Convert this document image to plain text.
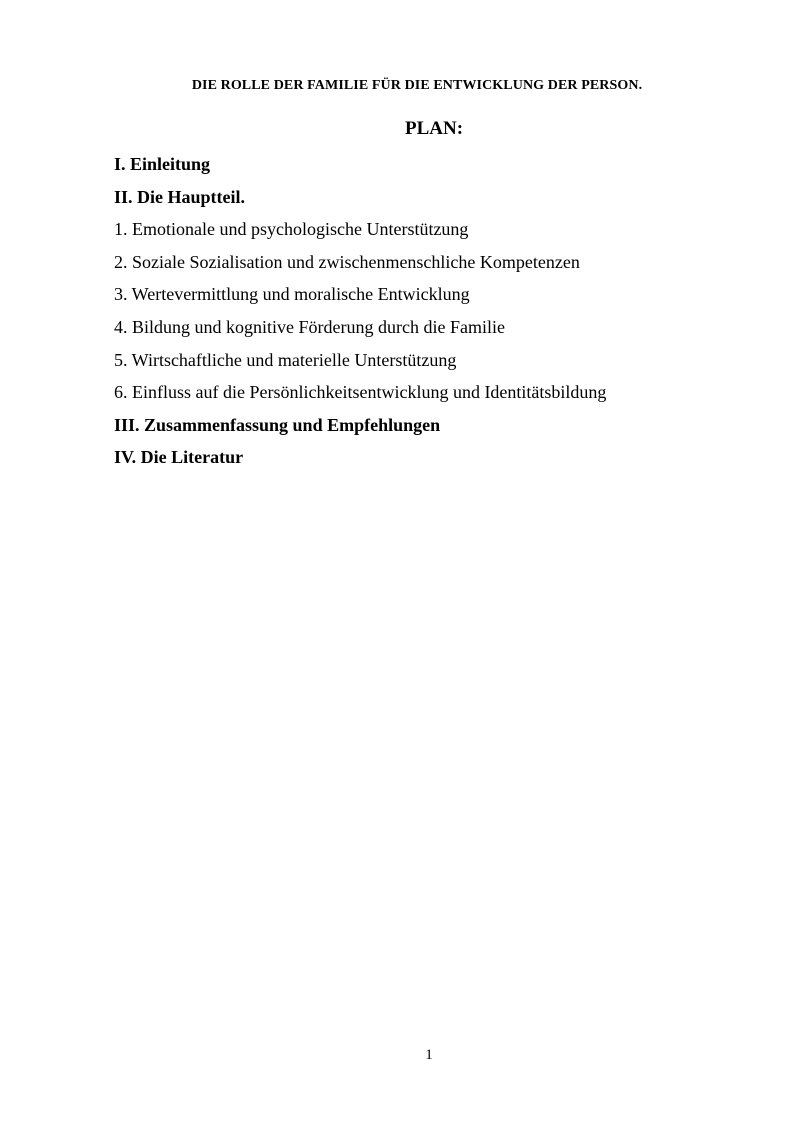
DIE ROLLE DER FAMILIE FÜR DIE ENTWICKLUNG DER PERSON.
PLAN:
I. Einleitung
II. Die Hauptteil.
1. Emotionale und psychologische Unterstützung
2. Soziale Sozialisation und zwischenmenschliche Kompetenzen
3. Wertevermittlung und moralische Entwicklung
4. Bildung und kognitive Förderung durch die Familie
5. Wirtschaftliche und materielle Unterstützung
6. Einfluss auf die Persönlichkeitsentwicklung und Identitätsbildung
III. Zusammenfassung und Empfehlungen
IV. Die Literatur
1
